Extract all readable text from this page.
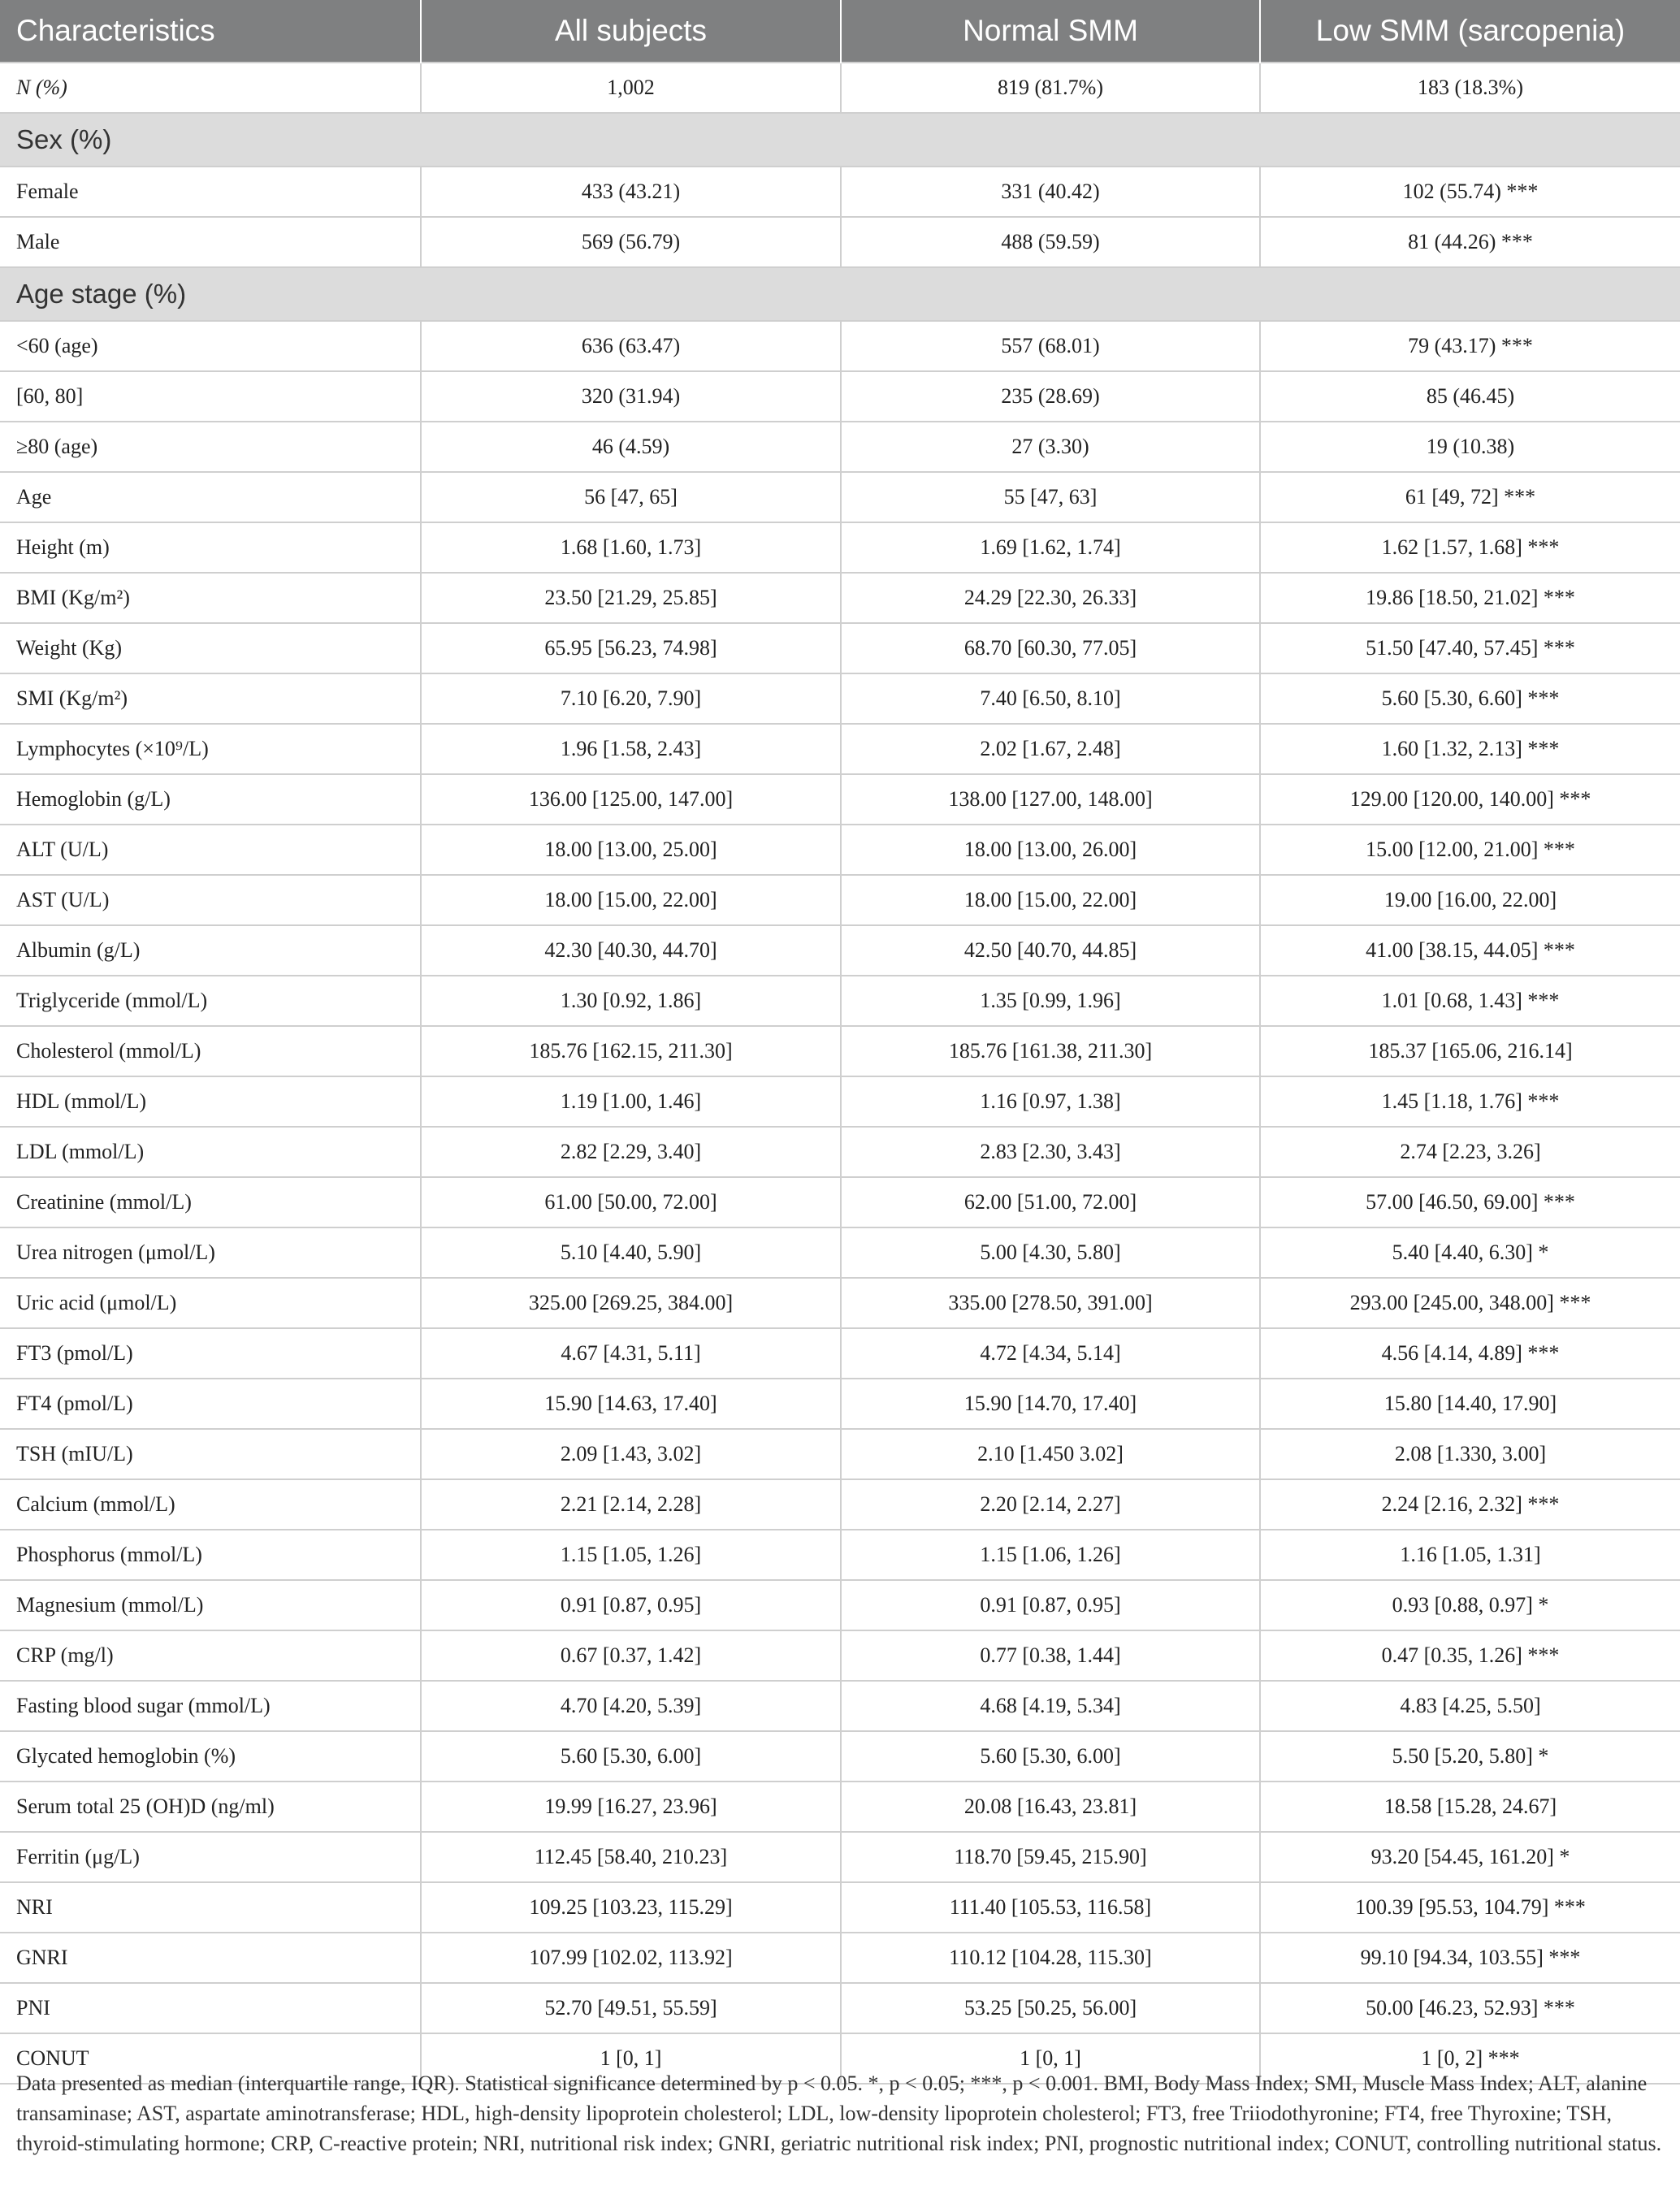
Characteristics	All subjects	Normal SMM	Low SMM (sarcopenia)
N (%)	1,002	819 (81.7%)	183 (18.3%)
Sex (%)			
Female	433 (43.21)	331 (40.42)	102 (55.74) ***
Male	569 (56.79)	488 (59.59)	81 (44.26) ***
Age stage (%)			
<60 (age)	636 (63.47)	557 (68.01)	79 (43.17) ***
[60, 80]	320 (31.94)	235 (28.69)	85 (46.45)
≥80 (age)	46 (4.59)	27 (3.30)	19 (10.38)
Age	56 [47, 65]	55 [47, 63]	61 [49, 72] ***
Height (m)	1.68 [1.60, 1.73]	1.69 [1.62, 1.74]	1.62 [1.57, 1.68] ***
BMI (Kg/m²)	23.50 [21.29, 25.85]	24.29 [22.30, 26.33]	19.86 [18.50, 21.02] ***
Weight (Kg)	65.95 [56.23, 74.98]	68.70 [60.30, 77.05]	51.50 [47.40, 57.45] ***
SMI (Kg/m²)	7.10 [6.20, 7.90]	7.40 [6.50, 8.10]	5.60 [5.30, 6.60] ***
Lymphocytes (×10⁹/L)	1.96 [1.58, 2.43]	2.02 [1.67, 2.48]	1.60 [1.32, 2.13] ***
Hemoglobin (g/L)	136.00 [125.00, 147.00]	138.00 [127.00, 148.00]	129.00 [120.00, 140.00] ***
ALT (U/L)	18.00 [13.00, 25.00]	18.00 [13.00, 26.00]	15.00 [12.00, 21.00] ***
AST (U/L)	18.00 [15.00, 22.00]	18.00 [15.00, 22.00]	19.00 [16.00, 22.00]
Albumin (g/L)	42.30 [40.30, 44.70]	42.50 [40.70, 44.85]	41.00 [38.15, 44.05] ***
Triglyceride (mmol/L)	1.30 [0.92, 1.86]	1.35 [0.99, 1.96]	1.01 [0.68, 1.43] ***
Cholesterol (mmol/L)	185.76 [162.15, 211.30]	185.76 [161.38, 211.30]	185.37 [165.06, 216.14]
HDL (mmol/L)	1.19 [1.00, 1.46]	1.16 [0.97, 1.38]	1.45 [1.18, 1.76] ***
LDL (mmol/L)	2.82 [2.29, 3.40]	2.83 [2.30, 3.43]	2.74 [2.23, 3.26]
Creatinine (mmol/L)	61.00 [50.00, 72.00]	62.00 [51.00, 72.00]	57.00 [46.50, 69.00] ***
Urea nitrogen (μmol/L)	5.10 [4.40, 5.90]	5.00 [4.30, 5.80]	5.40 [4.40, 6.30] *
Uric acid (μmol/L)	325.00 [269.25, 384.00]	335.00 [278.50, 391.00]	293.00 [245.00, 348.00] ***
FT3 (pmol/L)	4.67 [4.31, 5.11]	4.72 [4.34, 5.14]	4.56 [4.14, 4.89] ***
FT4 (pmol/L)	15.90 [14.63, 17.40]	15.90 [14.70, 17.40]	15.80 [14.40, 17.90]
TSH (mIU/L)	2.09 [1.43, 3.02]	2.10 [1.450 3.02]	2.08 [1.330, 3.00]
Calcium (mmol/L)	2.21 [2.14, 2.28]	2.20 [2.14, 2.27]	2.24 [2.16, 2.32] ***
Phosphorus (mmol/L)	1.15 [1.05, 1.26]	1.15 [1.06, 1.26]	1.16 [1.05, 1.31]
Magnesium (mmol/L)	0.91 [0.87, 0.95]	0.91 [0.87, 0.95]	0.93 [0.88, 0.97] *
CRP (mg/l)	0.67 [0.37, 1.42]	0.77 [0.38, 1.44]	0.47 [0.35, 1.26] ***
Fasting blood sugar (mmol/L)	4.70 [4.20, 5.39]	4.68 [4.19, 5.34]	4.83 [4.25, 5.50]
Glycated hemoglobin (%)	5.60 [5.30, 6.00]	5.60 [5.30, 6.00]	5.50 [5.20, 5.80] *
Serum total 25 (OH)D (ng/ml)	19.99 [16.27, 23.96]	20.08 [16.43, 23.81]	18.58 [15.28, 24.67]
Ferritin (μg/L)	112.45 [58.40, 210.23]	118.70 [59.45, 215.90]	93.20 [54.45, 161.20] *
NRI	109.25 [103.23, 115.29]	111.40 [105.53, 116.58]	100.39 [95.53, 104.79] ***
GNRI	107.99 [102.02, 113.92]	110.12 [104.28, 115.30]	99.10 [94.34, 103.55] ***
PNI	52.70 [49.51, 55.59]	53.25 [50.25, 56.00]	50.00 [46.23, 52.93] ***
CONUT	1 [0, 1]	1 [0, 1]	1 [0, 2] ***

Data presented as median (interquartile range, IQR). Statistical significance determined by p < 0.05. *, p < 0.05; ***, p < 0.001. BMI, Body Mass Index; SMI, Muscle Mass Index; ALT, alanine transaminase; AST, aspartate aminotransferase; HDL, high-density lipoprotein cholesterol; LDL, low-density lipoprotein cholesterol; FT3, free Triiodothyronine; FT4, free Thyroxine; TSH, thyroid-stimulating hormone; CRP, C-reactive protein; NRI, nutritional risk index; GNRI, geriatric nutritional risk index; PNI, prognostic nutritional index; CONUT, controlling nutritional status.
